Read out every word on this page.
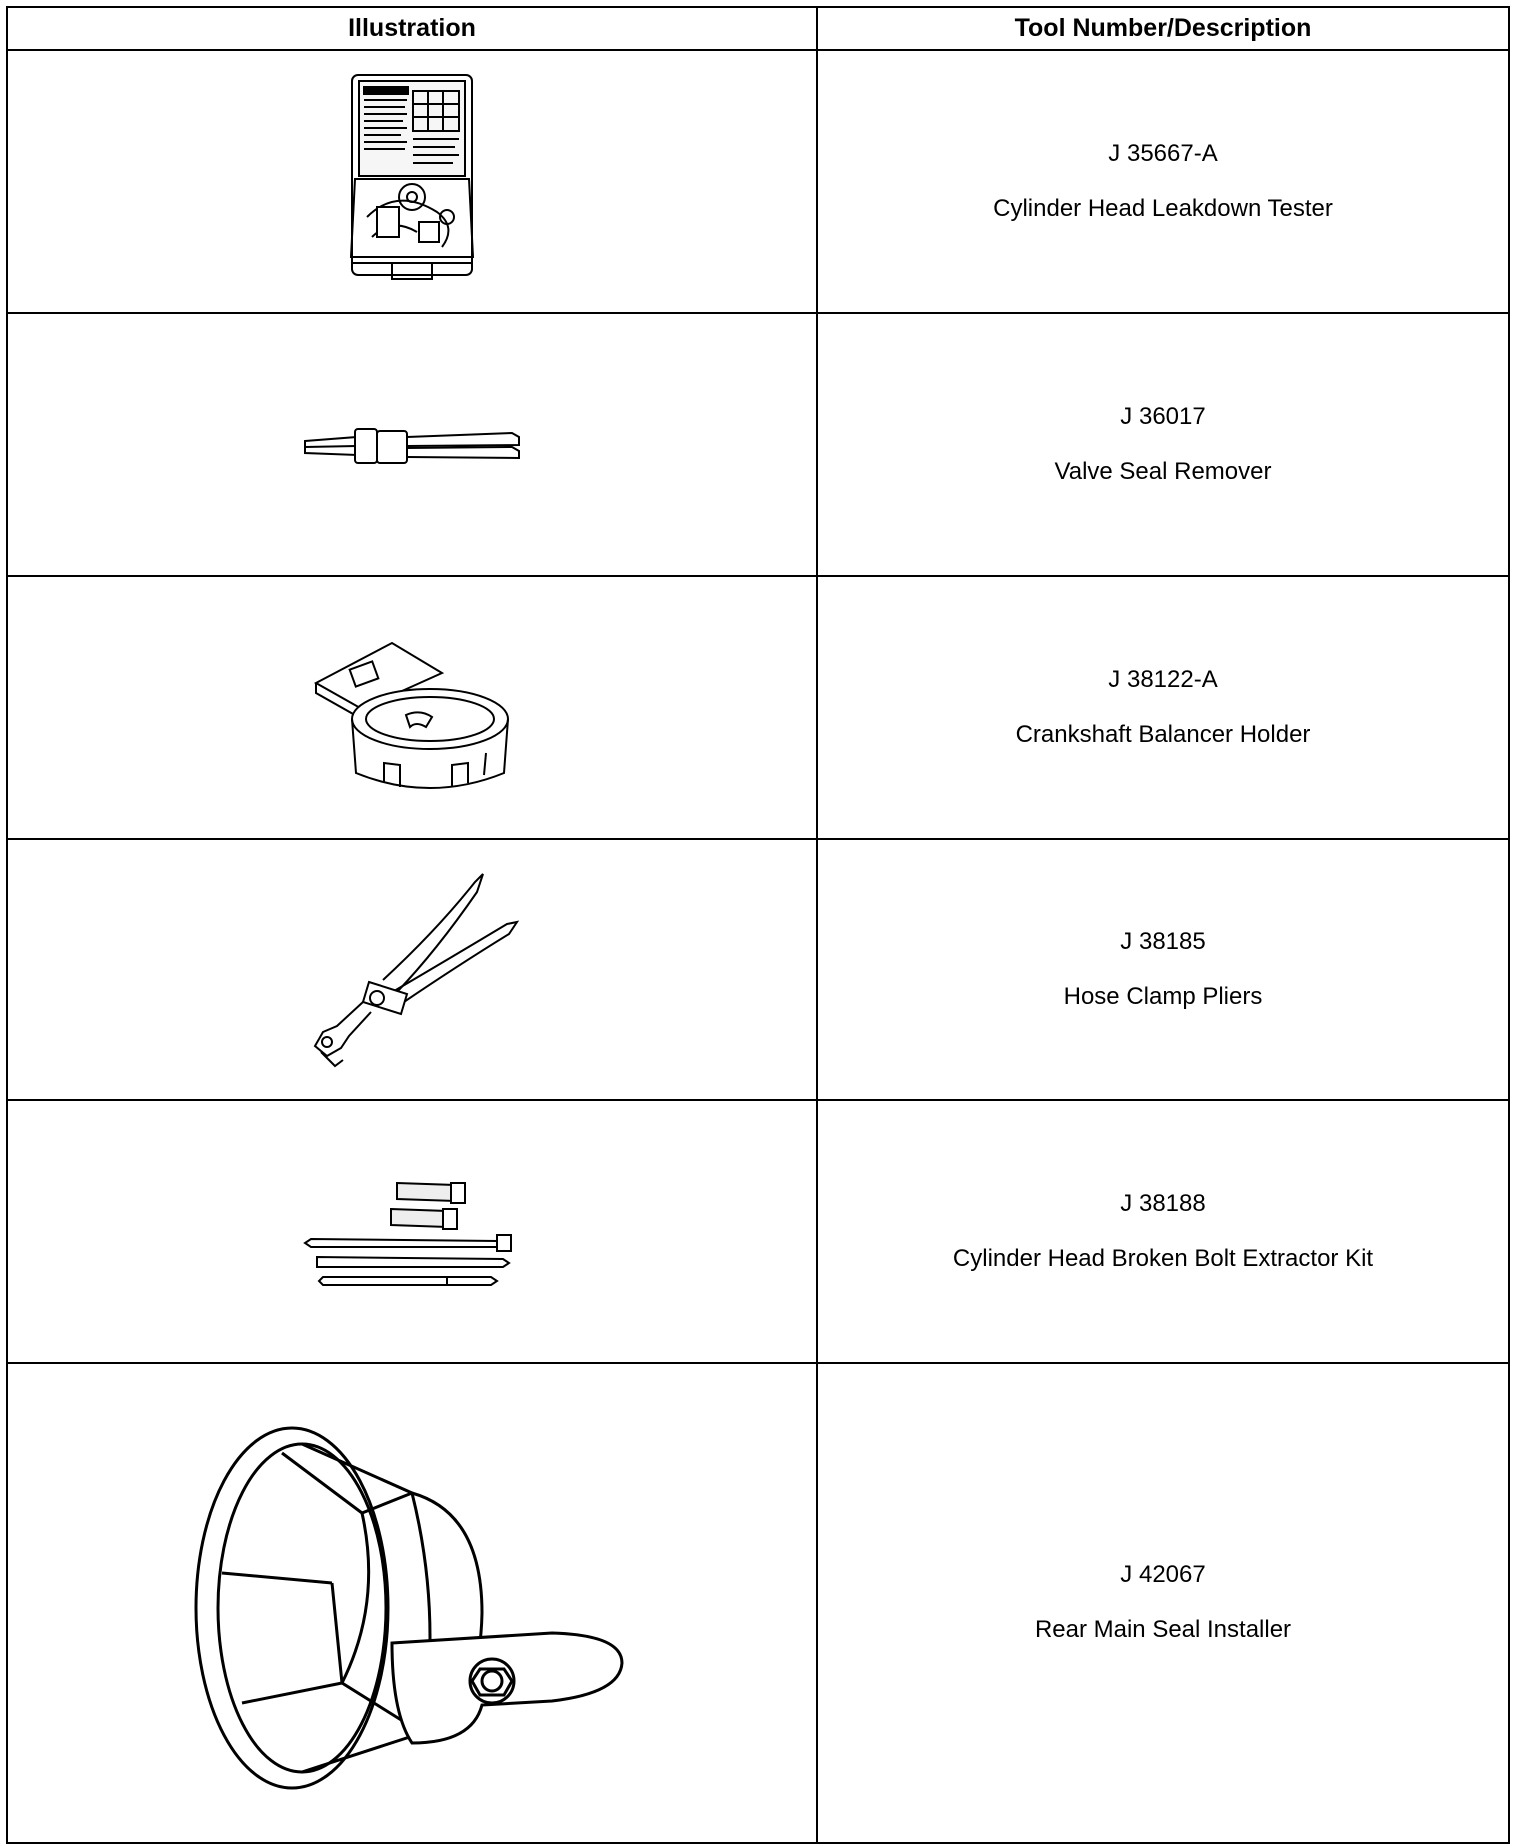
Illustration	Tool Number/Description

J 35667-A
Cylinder Head Leakdown Tester

J 36017
Valve Seal Remover

J 38122-A
Crankshaft Balancer Holder

J 38185
Hose Clamp Pliers

J 38188
Cylinder Head Broken Bolt Extractor Kit

J 42067
Rear Main Seal Installer
